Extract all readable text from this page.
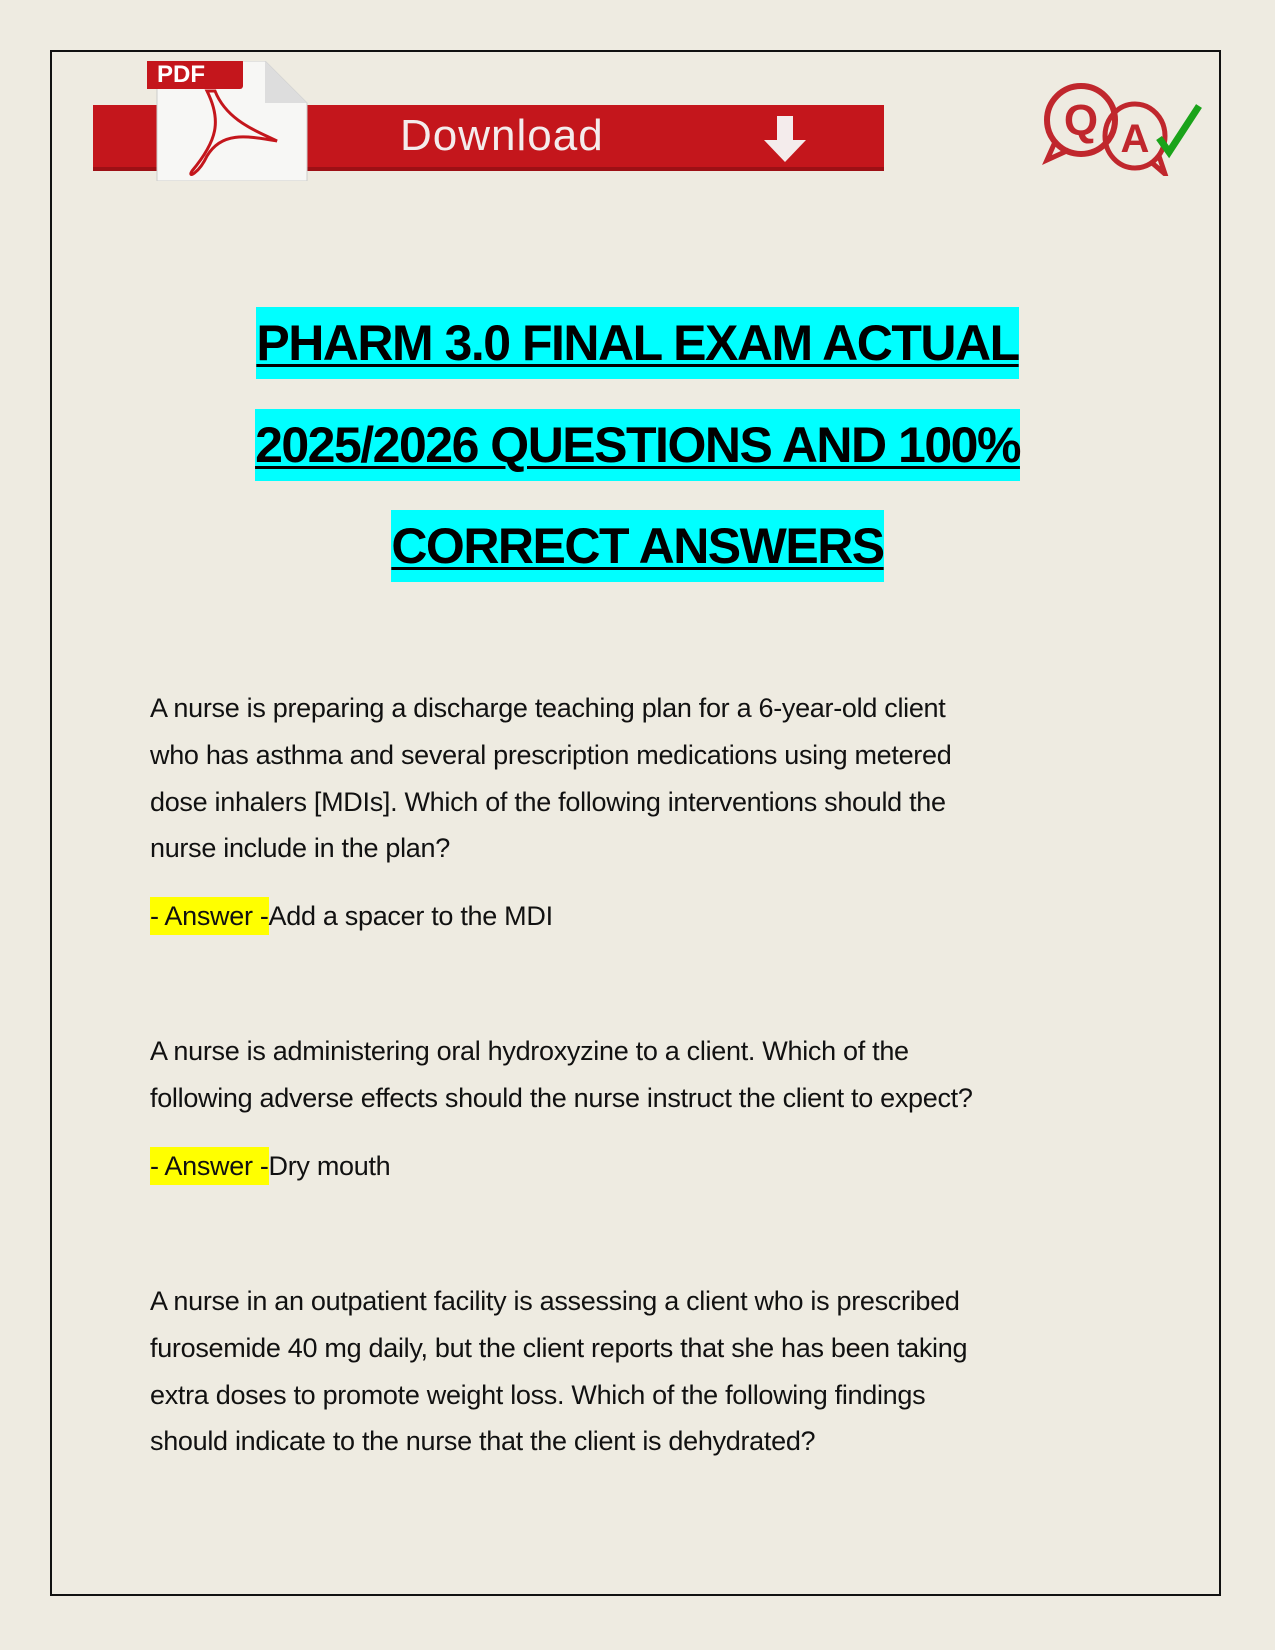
Download
PDF
Q A
PHARM 3.0 FINAL EXAM ACTUAL
2025/2026 QUESTIONS AND 100%
CORRECT ANSWERS
A nurse is preparing a discharge teaching plan for a 6-year-old client
who has asthma and several prescription medications using metered
dose inhalers [MDIs]. Which of the following interventions should the
nurse include in the plan?
- Answer -Add a spacer to the MDI
A nurse is administering oral hydroxyzine to a client. Which of the
following adverse effects should the nurse instruct the client to expect?
- Answer -Dry mouth
A nurse in an outpatient facility is assessing a client who is prescribed
furosemide 40 mg daily, but the client reports that she has been taking
extra doses to promote weight loss. Which of the following findings
should indicate to the nurse that the client is dehydrated?
